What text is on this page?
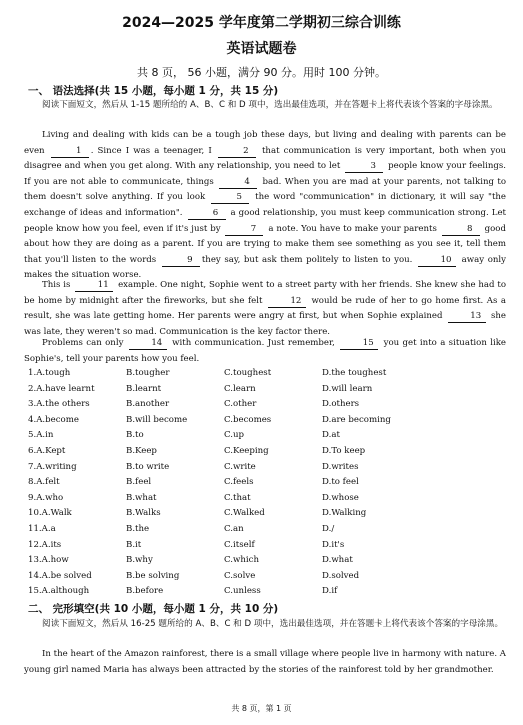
2024—2025 学年度第二学期初三综合训练
英语试题卷
共 8 页， 56 小题，满分 90 分。用时 100 分钟。
一、 语法选择(共 15 小题，每小题 1 分，共 15 分)
阅读下面短文，然后从 1-15 题所给的 A、B、C 和 D 项中，选出最佳选项，并在答题卡上将代表该个答案的字母涂黑。
Living and dealing with kids can be a tough job these days, but living and dealing with parents can be even	1 . Since I was a teenager, I	2 that communication is very important, both when you disagree and when you get along. With any relationship, you need to let	3 people know your feelings. If you are not able to communicate, things	4 bad. When you are mad at your parents, not talking to them doesn't solve anything. If you look	5 the word "communication" in dictionary, it will say "the exchange of ideas and information".	6 a good relationship, you must keep communication strong. Let people know how you feel, even if it's just by	7 a note. You have to make your parents	8 good about how they are doing as a parent. If you are trying to make them see something as you see it, tell them that you'll listen to the words	9 they say, but ask them politely to listen to you.	10 away only makes the situation worse.
This is	11 example. One night, Sophie went to a street party with her friends. She knew she had to be home by midnight after the fireworks, but she felt	12 would be rude of her to go home first. As a result, she was late getting home. Her parents were angry at first, but when Sophie explained	13 she was late, they weren't so mad. Communication is the key factor there.
Problems can only	14 with communication. Just remember,	15 you get into a situation like Sophie's, tell your parents how you feel.
1.A.tough	B.tougher	C.toughest	D.the toughest
2.A.have learnt	B.learnt	C.learn	D.will learn
3.A.the others	B.another	C.other	D.others
4.A.become	B.will become	C.becomes	D.are becoming
5.A.in	B.to	C.up	D.at
6.A.Kept	B.Keep	C.Keeping	D.To keep
7.A.writing	B.to write	C.write	D.writes
8.A.felt	B.feel	C.feels	D.to feel
9.A.who	B.what	C.that	D.whose
10.A.Walk	B.Walks	C.Walked	D.Walking
11.A.a	B.the	C.an	D./
12.A.its	B.it	C.itself	D.it's
13.A.how	B.why	C.which	D.what
14.A.be solved	B.be solving	C.solve	D.solved
15.A.although	B.before	C.unless	D.if
二、 完形填空(共 10 小题，每小题 1 分，共 10 分)
阅读下面短文，然后从 16-25 题所给的 A、B、C 和 D 项中，选出最佳选项，并在答题卡上将代表该个答案的字母涂黑。
In the heart of the Amazon rainforest, there is a small village where people live in harmony with nature. A young girl named Maria has always been attracted by the stories of the rainforest told by her grandmother.
共 8 页，第 1 页
